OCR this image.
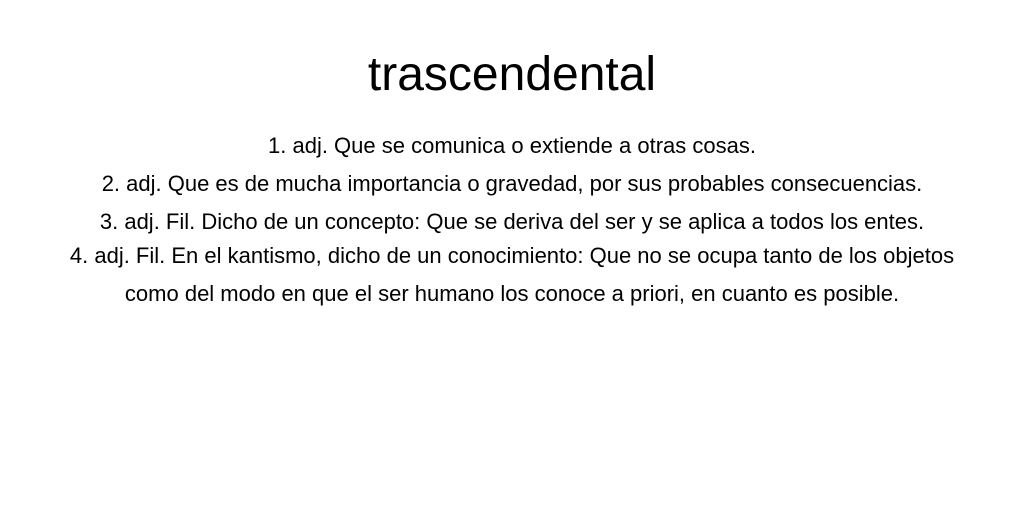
trascendental
1. adj. Que se comunica o extiende a otras cosas.
2. adj. Que es de mucha importancia o gravedad, por sus probables consecuencias.
3. adj. Fil. Dicho de un concepto: Que se deriva del ser y se aplica a todos los entes.
4. adj. Fil. En el kantismo, dicho de un conocimiento: Que no se ocupa tanto de los objetos como del modo en que el ser humano los conoce a priori, en cuanto es posible.
